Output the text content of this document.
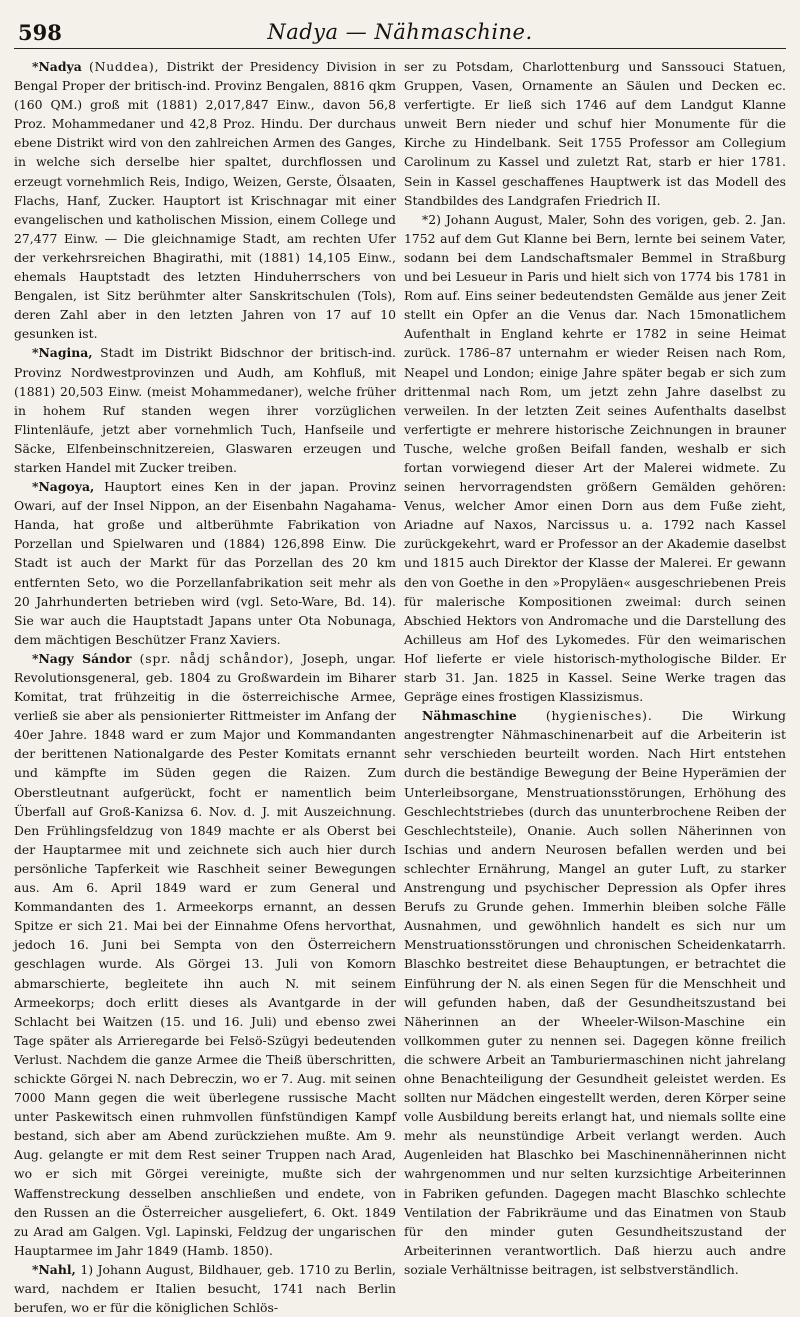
598	Nadya — Nähmaschine.

*Nadya (Nuddea), Distrikt der Presidency Division in Bengal Proper der britisch-ind. Provinz Bengalen, 8816 qkm (160 QM.) groß mit (1881) 2,017,847 Einw., davon 56,8 Proz. Mohammedaner und 42,8 Proz. Hindu. Der durchaus ebene Distrikt wird von den zahlreichen Armen des Ganges, in welche sich derselbe hier spaltet, durchflossen und erzeugt vornehmlich Reis, Indigo, Weizen, Gerste, Ölsaaten, Flachs, Hanf, Zucker. Hauptort ist Krischnagar mit einer evangelischen und katholischen Mission, einem College und 27,477 Einw. — Die gleichnamige Stadt, am rechten Ufer der verkehrsreichen Bhagirathi, mit (1881) 14,105 Einw., ehemals Hauptstadt des letzten Hinduherrschers von Bengalen, ist Sitz berühmter alter Sanskritschulen (Tols), deren Zahl aber in den letzten Jahren von 17 auf 10 gesunken ist.

*Nagina, Stadt im Distrikt Bidschnor der britisch-ind. Provinz Nordwestprovinzen und Audh, am Kohfluß, mit (1881) 20,503 Einw. (meist Mohammedaner), welche früher in hohem Ruf standen wegen ihrer vorzüglichen Flintenläufe, jetzt aber vornehmlich Tuch, Hanfseile und Säcke, Elfenbeinschnitzereien, Glaswaren erzeugen und starken Handel mit Zucker treiben.

*Nagoya, Hauptort eines Ken in der japan. Provinz Owari, auf der Insel Nippon, an der Eisenbahn Nagahama-Handa, hat große und altberühmte Fabrikation von Porzellan und Spielwaren und (1884) 126,898 Einw. Die Stadt ist auch der Markt für das Porzellan des 20 km entfernten Seto, wo die Porzellanfabrikation seit mehr als 20 Jahrhunderten betrieben wird (vgl. Seto-Ware, Bd. 14). Sie war auch die Hauptstadt Japans unter Ota Nobunaga, dem mächtigen Beschützer Franz Xaviers.

*Nagy Sándor (spr. nådj schåndor), Joseph, ungar. Revolutionsgeneral, geb. 1804 zu Großwardein im Biharer Komitat, trat frühzeitig in die österreichische Armee, verließ sie aber als pensionierter Rittmeister im Anfang der 40er Jahre. 1848 ward er zum Major und Kommandanten der berittenen Nationalgarde des Pester Komitats ernannt und kämpfte im Süden gegen die Raizen. Zum Oberstleutnant aufgerückt, focht er namentlich beim Überfall auf Groß-Kanizsa 6. Nov. d. J. mit Auszeichnung. Den Frühlingsfeldzug von 1849 machte er als Oberst bei der Hauptarmee mit und zeichnete sich auch hier durch persönliche Tapferkeit wie Raschheit seiner Bewegungen aus. Am 6. April 1849 ward er zum General und Kommandanten des 1. Armeekorps ernannt, an dessen Spitze er sich 21. Mai bei der Einnahme Ofens hervorthat, jedoch 16. Juni bei Sempta von den Österreichern geschlagen wurde. Als Görgei 13. Juli von Komorn abmarschierte, begleitete ihn auch N. mit seinem Armeekorps; doch erlitt dieses als Avantgarde in der Schlacht bei Waitzen (15. und 16. Juli) und ebenso zwei Tage später als Arrieregarde bei Felsö-Szügyi bedeutenden Verlust. Nachdem die ganze Armee die Theiß überschritten, schickte Görgei N. nach Debreczin, wo er 7. Aug. mit seinen 7000 Mann gegen die weit überlegene russische Macht unter Paskewitsch einen ruhmvollen fünfstündigen Kampf bestand, sich aber am Abend zurückziehen mußte. Am 9. Aug. gelangte er mit dem Rest seiner Truppen nach Arad, wo er sich mit Görgei vereinigte, mußte sich der Waffenstreckung desselben anschließen und endete, von den Russen an die Österreicher ausgeliefert, 6. Okt. 1849 zu Arad am Galgen. Vgl. Lapinski, Feldzug der ungarischen Hauptarmee im Jahr 1849 (Hamb. 1850).

*Nahl, 1) Johann August, Bildhauer, geb. 1710 zu Berlin, ward, nachdem er Italien besucht, 1741 nach Berlin berufen, wo er für die königlichen Schlös-

ser zu Potsdam, Charlottenburg und Sanssouci Statuen, Gruppen, Vasen, Ornamente an Säulen und Decken ec. verfertigte. Er ließ sich 1746 auf dem Landgut Klanne unweit Bern nieder und schuf hier Monumente für die Kirche zu Hindelbank. Seit 1755 Professor am Collegium Carolinum zu Kassel und zuletzt Rat, starb er hier 1781. Sein in Kassel geschaffenes Hauptwerk ist das Modell des Standbildes des Landgrafen Friedrich II.

*2) Johann August, Maler, Sohn des vorigen, geb. 2. Jan. 1752 auf dem Gut Klanne bei Bern, lernte bei seinem Vater, sodann bei dem Landschaftsmaler Bemmel in Straßburg und bei Lesueur in Paris und hielt sich von 1774 bis 1781 in Rom auf. Eins seiner bedeutendsten Gemälde aus jener Zeit stellt ein Opfer an die Venus dar. Nach 15monatlichem Aufenthalt in England kehrte er 1782 in seine Heimat zurück. 1786–87 unternahm er wieder Reisen nach Rom, Neapel und London; einige Jahre später begab er sich zum drittenmal nach Rom, um jetzt zehn Jahre daselbst zu verweilen. In der letzten Zeit seines Aufenthalts daselbst verfertigte er mehrere historische Zeichnungen in brauner Tusche, welche großen Beifall fanden, weshalb er sich fortan vorwiegend dieser Art der Malerei widmete. Zu seinen hervorragendsten größern Gemälden gehören: Venus, welcher Amor einen Dorn aus dem Fuße zieht, Ariadne auf Naxos, Narcissus u. a. 1792 nach Kassel zurückgekehrt, ward er Professor an der Akademie daselbst und 1815 auch Direktor der Klasse der Malerei. Er gewann den von Goethe in den »Propyläen« ausgeschriebenen Preis für malerische Kompositionen zweimal: durch seinen Abschied Hektors von Andromache und die Darstellung des Achilleus am Hof des Lykomedes. Für den weimarischen Hof lieferte er viele historisch-mythologische Bilder. Er starb 31. Jan. 1825 in Kassel. Seine Werke tragen das Gepräge eines frostigen Klassizismus.

Nähmaschine (hygienisches). Die Wirkung angestrengter Nähmaschinenarbeit auf die Arbeiterin ist sehr verschieden beurteilt worden. Nach Hirt entstehen durch die beständige Bewegung der Beine Hyperämien der Unterleibsorgane, Menstruationsstörungen, Erhöhung des Geschlechtstriebes (durch das ununterbrochene Reiben der Geschlechtsteile), Onanie. Auch sollen Näherinnen von Ischias und andern Neurosen befallen werden und bei schlechter Ernährung, Mangel an guter Luft, zu starker Anstrengung und psychischer Depression als Opfer ihres Berufs zu Grunde gehen. Immerhin bleiben solche Fälle Ausnahmen, und gewöhnlich handelt es sich nur um Menstruationsstörungen und chronischen Scheidenkatarrh. Blaschko bestreitet diese Behauptungen, er betrachtet die Einführung der N. als einen Segen für die Menschheit und will gefunden haben, daß der Gesundheitszustand bei Näherinnen an der Wheeler-Wilson-Maschine ein vollkommen guter zu nennen sei. Dagegen könne freilich die schwere Arbeit an Tamburiermaschinen nicht jahrelang ohne Benachteiligung der Gesundheit geleistet werden. Es sollten nur Mädchen eingestellt werden, deren Körper seine volle Ausbildung bereits erlangt hat, und niemals sollte eine mehr als neunstündige Arbeit verlangt werden. Auch Augenleiden hat Blaschko bei Maschinennäherinnen nicht wahrgenommen und nur selten kurzsichtige Arbeiterinnen in Fabriken gefunden. Dagegen macht Blaschko schlechte Ventilation der Fabrikräume und das Einatmen von Staub für den minder guten Gesundheitszustand der Arbeiterinnen verantwortlich. Daß hierzu auch andre soziale Verhältnisse beitragen, ist selbstverständlich.
